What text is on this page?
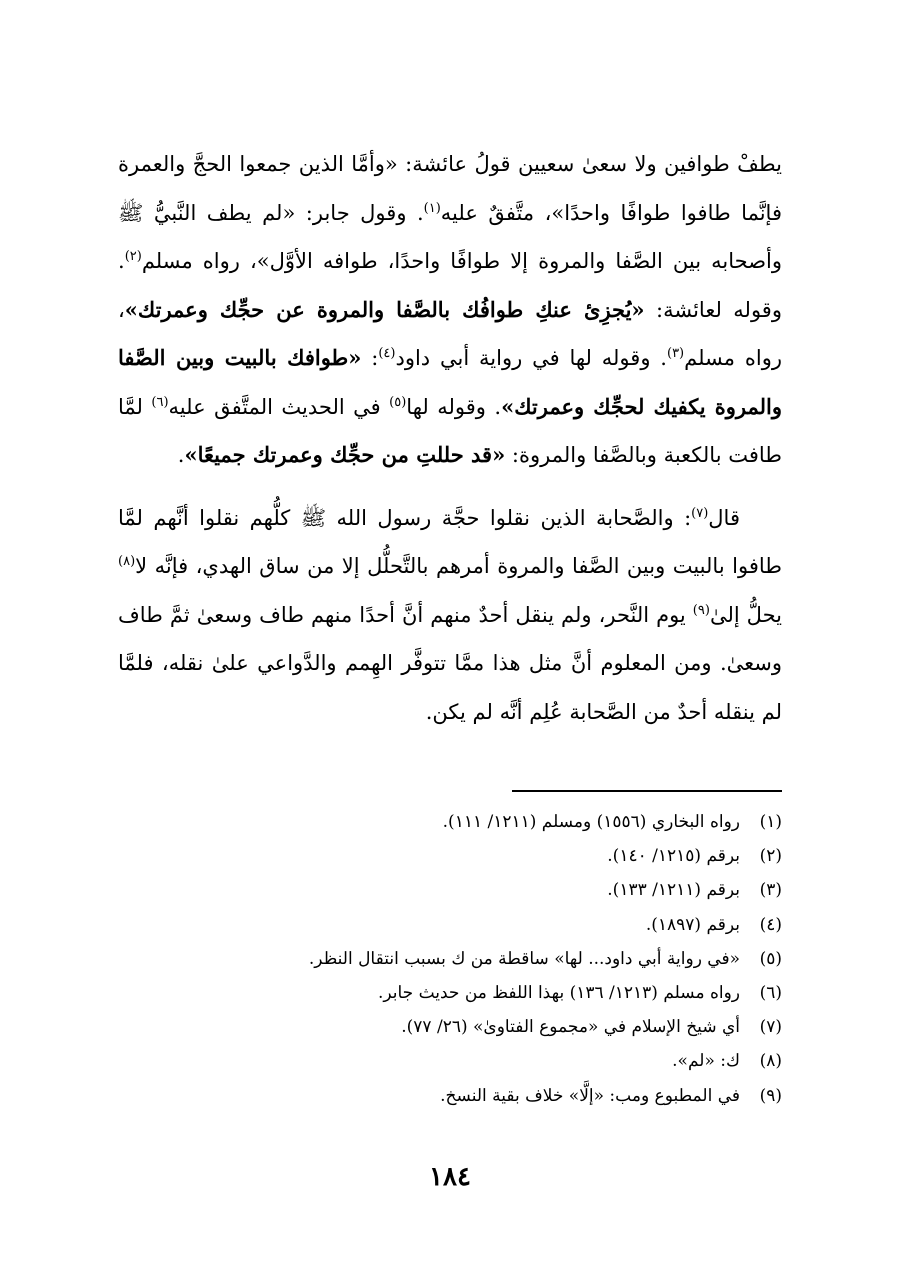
يطفْ طوافين ولا سعىٰ سعيين قولُ عائشة: «وأمَّا الذين جمعوا الحجَّ والعمرة فإنَّما طافوا طوافًا واحدًا»، متَّفقٌ عليه$^{(١)}$. وقول جابر: «لم يطف النَّبيُّ ﷺ وأصحابه بين الصَّفا والمروة إلا طوافًا واحدًا، طوافه الأوَّل»، رواه مسلم$^{(٢)}$. وقوله لعائشة: «يُجزِئ عنكِ طوافُك بالصَّفا والمروة عن حجِّك وعمرتك»، رواه مسلم$^{(٣)}$. وقوله لها في رواية أبي داود$^{(٤)}$: «طوافك بالبيت وبين الصَّفا والمروة يكفيك لحجِّك وعمرتك». وقوله لها$^{(٥)}$ في الحديث المتَّفق عليه$^{(٦)}$ لمَّا طافت بالكعبة وبالصَّفا والمروة: «قد حللتِ من حجِّك وعمرتك جميعًا».

قال$^{(٧)}$: والصَّحابة الذين نقلوا حجَّة رسول الله ﷺ كلُّهم نقلوا أنَّهم لمَّا طافوا بالبيت وبين الصَّفا والمروة أمرهم بالتَّحلُّل إلا من ساق الهدي، فإنَّه لا$^{(٨)}$ يحلُّ إلىٰ$^{(٩)}$ يوم النَّحر، ولم ينقل أحدٌ منهم أنَّ أحدًا منهم طاف وسعىٰ ثمَّ طاف وسعىٰ. ومن المعلوم أنَّ مثل هذا ممَّا تتوفَّر الهِمم والدَّواعي علىٰ نقله، فلمَّا لم ينقله أحدٌ من الصَّحابة عُلِم أنَّه لم يكن.

(١)رواه البخاري (١٥٥٦) ومسلم (١٢١١/ ١١١).
(٢)برقم (١٢١٥/ ١٤٠).
(٣)برقم (١٢١١/ ١٣٣).
(٤)برقم (١٨٩٧).
(٥)«في رواية أبي داود... لها» ساقطة من ك بسبب انتقال النظر.
(٦)رواه مسلم (١٢١٣/ ١٣٦) بهذا اللفظ من حديث جابر.
(٧)أي شيخ الإسلام في «مجموع الفتاوىٰ» (٢٦/ ٧٧).
(٨)ك: «لم».
(٩)في المطبوع ومب: «إلَّا» خلاف بقية النسخ.
١٨٤
